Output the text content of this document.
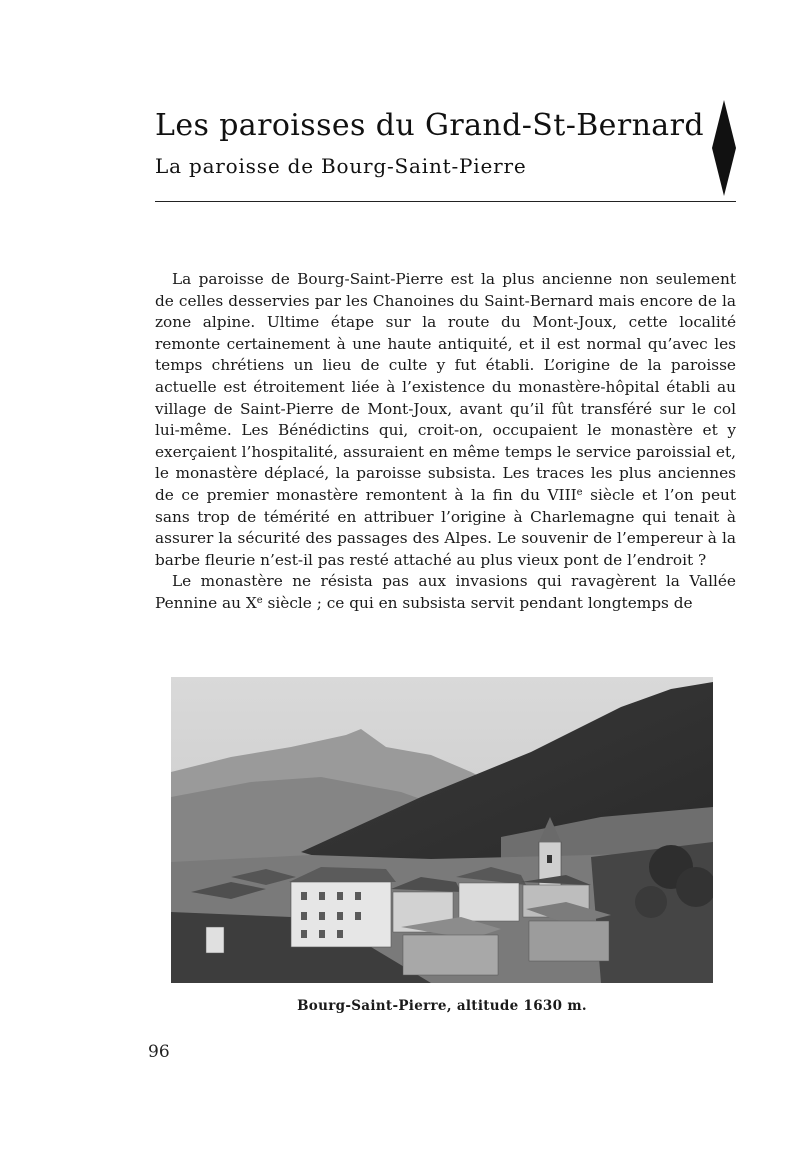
Les paroisses du Grand-St-Bernard
La paroisse de Bourg-Saint-Pierre

La paroisse de Bourg-Saint-Pierre est la plus ancienne non seulement de celles desservies par les Chanoines du Saint-Bernard mais encore de la zone alpine. Ultime étape sur la route du Mont-Joux, cette localité remonte certainement à une haute antiquité, et il est normal qu’avec les temps chrétiens un lieu de culte y fut établi. L’origine de la paroisse actuelle est étroitement liée à l’existence du monastère-hôpital établi au village de Saint-Pierre de Mont-Joux, avant qu’il fût transféré sur le col lui-même. Les Bénédictins qui, croit-on, occupaient le monastère et y exerçaient l’hospitalité, assuraient en même temps le service paroissial et, le monastère déplacé, la paroisse subsista. Les traces les plus anciennes de ce premier monastère remontent à la fin du VIIIe siècle et l’on peut sans trop de témérité en attribuer l’origine à Charlemagne qui tenait à assurer la sécurité des passages des Alpes. Le souvenir de l’empereur à la barbe fleurie n’est-il pas resté attaché au plus vieux pont de l’endroit ?

Le monastère ne résista pas aux invasions qui ravagèrent la Vallée Pennine au Xe siècle ; ce qui en subsista servit pendant longtemps de

Bourg-Saint-Pierre, altitude 1630 m.
96
